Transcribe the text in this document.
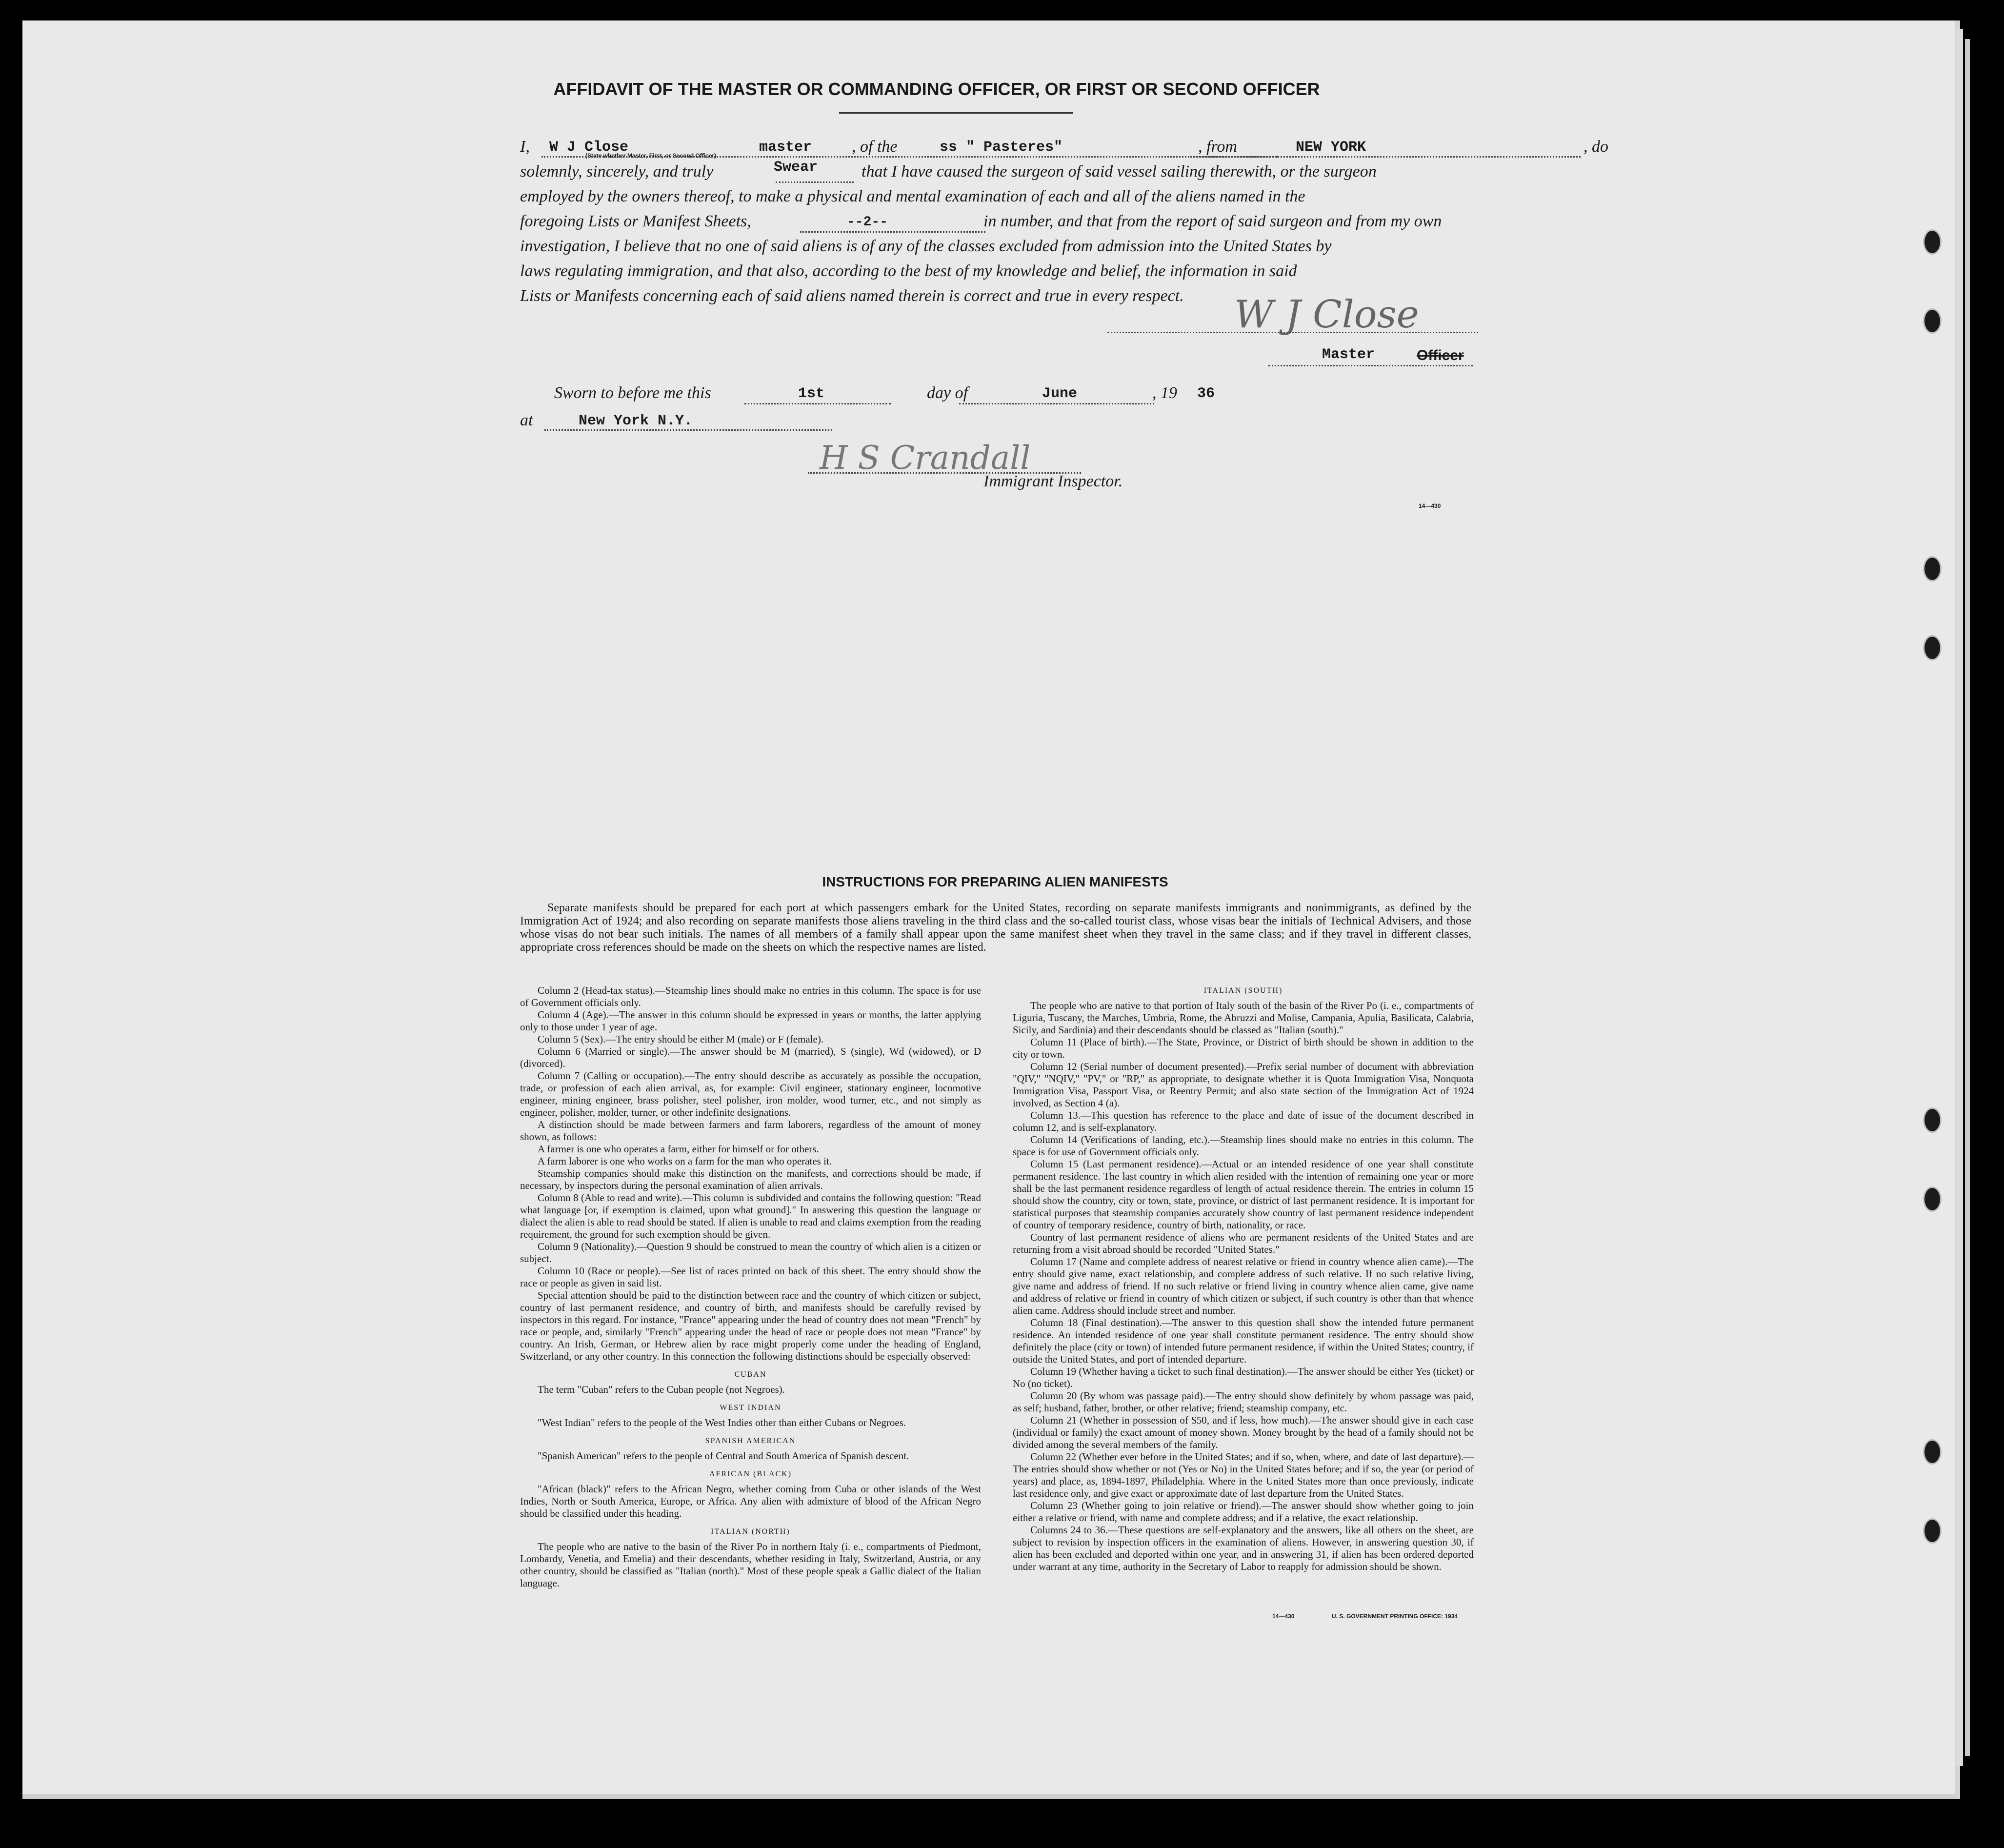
AFFIDAVIT OF THE MASTER OR COMMANDING OFFICER, OR FIRST OR SECOND OFFICER
I, W J Close	master , of the	ss " Pasteres"	, from	NEW YORK	, do
(State whether Master, First, or Second Officer)
solemnly, sincerely, and truly	Swear	that I have caused the surgeon of said vessel sailing therewith, or the surgeon
employed by the owners thereof, to make a physical and mental examination of each and all of the aliens named in the
foregoing Lists or Manifest Sheets,	--2--	in number, and that from the report of said surgeon and from my own
investigation, I believe that no one of said aliens is of any of the classes excluded from admission into the United States by
laws regulating immigration, and that also, according to the best of my knowledge and belief, the information in said
Lists or Manifests concerning each of said aliens named therein is correct and true in every respect.	W J Close
Master	Officer
Sworn to before me this	1st	day of	June	, 19 36
at	New York N.Y.
H S Crandall
Immigrant Inspector.
14—430
INSTRUCTIONS FOR PREPARING ALIEN MANIFESTS
Separate manifests should be prepared for each port at which passengers embark for the United States, recording on separate manifests immigrants and nonimmigrants, as defined by the Immigration Act of 1924; and also recording on separate manifests those aliens traveling in the third class and the so-called tourist class, whose visas bear the initials of Technical Advisers, and those whose visas do not bear such initials. The names of all members of a family shall appear upon the same manifest sheet when they travel in the same class; and if they travel in different classes, appropriate cross references should be made on the sheets on which the respective names are listed.

Column 2 (Head-tax status).—Steamship lines should make no entries in this column. The space is for use of Government officials only.

Column 4 (Age).—The answer in this column should be expressed in years or months, the latter applying only to those under 1 year of age.

Column 5 (Sex).—The entry should be either M (male) or F (female).

Column 6 (Married or single).—The answer should be M (married), S (single), Wd (widowed), or D (divorced).

Column 7 (Calling or occupation).—The entry should describe as accurately as possible the occupation, trade, or profession of each alien arrival, as, for example: Civil engineer, stationary engineer, locomotive engineer, mining engineer, brass polisher, steel polisher, iron molder, wood turner, etc., and not simply as engineer, polisher, molder, turner, or other indefinite designations.

A distinction should be made between farmers and farm laborers, regardless of the amount of money shown, as follows:

A farmer is one who operates a farm, either for himself or for others.

A farm laborer is one who works on a farm for the man who operates it.

Steamship companies should make this distinction on the manifests, and corrections should be made, if necessary, by inspectors during the personal examination of alien arrivals.

Column 8 (Able to read and write).—This column is subdivided and contains the following question: "Read what language [or, if exemption is claimed, upon what ground]." In answering this question the language or dialect the alien is able to read should be stated. If alien is unable to read and claims exemption from the reading requirement, the ground for such exemption should be given.

Column 9 (Nationality).—Question 9 should be construed to mean the country of which alien is a citizen or subject.

Column 10 (Race or people).—See list of races printed on back of this sheet. The entry should show the race or people as given in said list.

Special attention should be paid to the distinction between race and the country of which citizen or subject, country of last permanent residence, and country of birth, and manifests should be carefully revised by inspectors in this regard. For instance, "France" appearing under the head of country does not mean "French" by race or people, and, similarly "French" appearing under the head of race or people does not mean "France" by country. An Irish, German, or Hebrew alien by race might properly come under the heading of England, Switzerland, or any other country. In this connection the following distinctions should be especially observed:

CUBAN

The term "Cuban" refers to the Cuban people (not Negroes).

WEST INDIAN

"West Indian" refers to the people of the West Indies other than either Cubans or Negroes.

SPANISH AMERICAN

"Spanish American" refers to the people of Central and South America of Spanish descent.

AFRICAN (BLACK)

"African (black)" refers to the African Negro, whether coming from Cuba or other islands of the West Indies, North or South America, Europe, or Africa. Any alien with admixture of blood of the African Negro should be classified under this heading.

ITALIAN (NORTH)

The people who are native to the basin of the River Po in northern Italy (i. e., compartments of Piedmont, Lombardy, Venetia, and Emelia) and their descendants, whether residing in Italy, Switzerland, Austria, or any other country, should be classified as "Italian (north)." Most of these people speak a Gallic dialect of the Italian language.

ITALIAN (SOUTH)

The people who are native to that portion of Italy south of the basin of the River Po (i. e., compartments of Liguria, Tuscany, the Marches, Umbria, Rome, the Abruzzi and Molise, Campania, Apulia, Basilicata, Calabria, Sicily, and Sardinia) and their descendants should be classed as "Italian (south)."

Column 11 (Place of birth).—The State, Province, or District of birth should be shown in addition to the city or town.

Column 12 (Serial number of document presented).—Prefix serial number of document with abbreviation "QIV," "NQIV," "PV," or "RP," as appropriate, to designate whether it is Quota Immigration Visa, Nonquota Immigration Visa, Passport Visa, or Reentry Permit; and also state section of the Immigration Act of 1924 involved, as Section 4 (a).

Column 13.—This question has reference to the place and date of issue of the document described in column 12, and is self-explanatory.

Column 14 (Verifications of landing, etc.).—Steamship lines should make no entries in this column. The space is for use of Government officials only.

Column 15 (Last permanent residence).—Actual or an intended residence of one year shall constitute permanent residence. The last country in which alien resided with the intention of remaining one year or more shall be the last permanent residence regardless of length of actual residence therein. The entries in column 15 should show the country, city or town, state, province, or district of last permanent residence. It is important for statistical purposes that steamship companies accurately show country of last permanent residence independent of country of temporary residence, country of birth, nationality, or race.

Country of last permanent residence of aliens who are permanent residents of the United States and are returning from a visit abroad should be recorded "United States."

Column 17 (Name and complete address of nearest relative or friend in country whence alien came).—The entry should give name, exact relationship, and complete address of such relative. If no such relative living, give name and address of friend. If no such relative or friend living in country whence alien came, give name and address of relative or friend in country of which citizen or subject, if such country is other than that whence alien came. Address should include street and number.

Column 18 (Final destination).—The answer to this question shall show the intended future permanent residence. An intended residence of one year shall constitute permanent residence. The entry should show definitely the place (city or town) of intended future permanent residence, if within the United States; country, if outside the United States, and port of intended departure.

Column 19 (Whether having a ticket to such final destination).—The answer should be either Yes (ticket) or No (no ticket).

Column 20 (By whom was passage paid).—The entry should show definitely by whom passage was paid, as self; husband, father, brother, or other relative; friend; steamship company, etc.

Column 21 (Whether in possession of $50, and if less, how much).—The answer should give in each case (individual or family) the exact amount of money shown. Money brought by the head of a family should not be divided among the several members of the family.

Column 22 (Whether ever before in the United States; and if so, when, where, and date of last departure).—The entries should show whether or not (Yes or No) in the United States before; and if so, the year (or period of years) and place, as, 1894-1897, Philadelphia. Where in the United States more than once previously, indicate last residence only, and give exact or approximate date of last departure from the United States.

Column 23 (Whether going to join relative or friend).—The answer should show whether going to join either a relative or friend, with name and complete address; and if a relative, the exact relationship.

Columns 24 to 36.—These questions are self-explanatory and the answers, like all others on the sheet, are subject to revision by inspection officers in the examination of aliens. However, in answering question 30, if alien has been excluded and deported within one year, and in answering 31, if alien has been ordered deported under warrant at any time, authority in the Secretary of Labor to reapply for admission should be shown.

14—430	U. S. GOVERNMENT PRINTING OFFICE: 1934
